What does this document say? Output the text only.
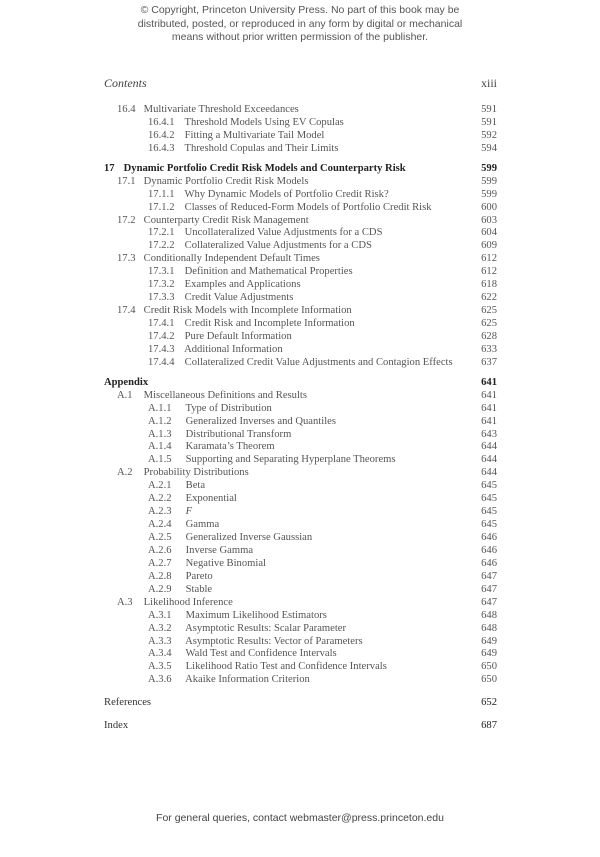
© Copyright, Princeton University Press. No part of this book may be
distributed, posted, or reproduced in any form by digital or mechanical
means without prior written permission of the publisher.
Contents	xiii
16.4 Multivariate Threshold Exceedances	591
16.4.1 Threshold Models Using EV Copulas	591
16.4.2 Fitting a Multivariate Tail Model	592
16.4.3 Threshold Copulas and Their Limits	594
17 Dynamic Portfolio Credit Risk Models and Counterparty Risk	599
17.1 Dynamic Portfolio Credit Risk Models	599
17.1.1 Why Dynamic Models of Portfolio Credit Risk?	599
17.1.2 Classes of Reduced-Form Models of Portfolio Credit Risk	600
17.2 Counterparty Credit Risk Management	603
17.2.1 Uncollateralized Value Adjustments for a CDS	604
17.2.2 Collateralized Value Adjustments for a CDS	609
17.3 Conditionally Independent Default Times	612
17.3.1 Definition and Mathematical Properties	612
17.3.2 Examples and Applications	618
17.3.3 Credit Value Adjustments	622
17.4 Credit Risk Models with Incomplete Information	625
17.4.1 Credit Risk and Incomplete Information	625
17.4.2 Pure Default Information	628
17.4.3 Additional Information	633
17.4.4 Collateralized Credit Value Adjustments and Contagion Effects	637
Appendix	641
A.1 Miscellaneous Definitions and Results	641
A.1.1 Type of Distribution	641
A.1.2 Generalized Inverses and Quantiles	641
A.1.3 Distributional Transform	643
A.1.4 Karamata’s Theorem	644
A.1.5 Supporting and Separating Hyperplane Theorems	644
A.2 Probability Distributions	644
A.2.1 Beta	645
A.2.2 Exponential	645
A.2.3 F	645
A.2.4 Gamma	645
A.2.5 Generalized Inverse Gaussian	646
A.2.6 Inverse Gamma	646
A.2.7 Negative Binomial	646
A.2.8 Pareto	647
A.2.9 Stable	647
A.3 Likelihood Inference	647
A.3.1 Maximum Likelihood Estimators	648
A.3.2 Asymptotic Results: Scalar Parameter	648
A.3.3 Asymptotic Results: Vector of Parameters	649
A.3.4 Wald Test and Confidence Intervals	649
A.3.5 Likelihood Ratio Test and Confidence Intervals	650
A.3.6 Akaike Information Criterion	650
References	652
Index	687
For general queries, contact webmaster@press.princeton.edu
